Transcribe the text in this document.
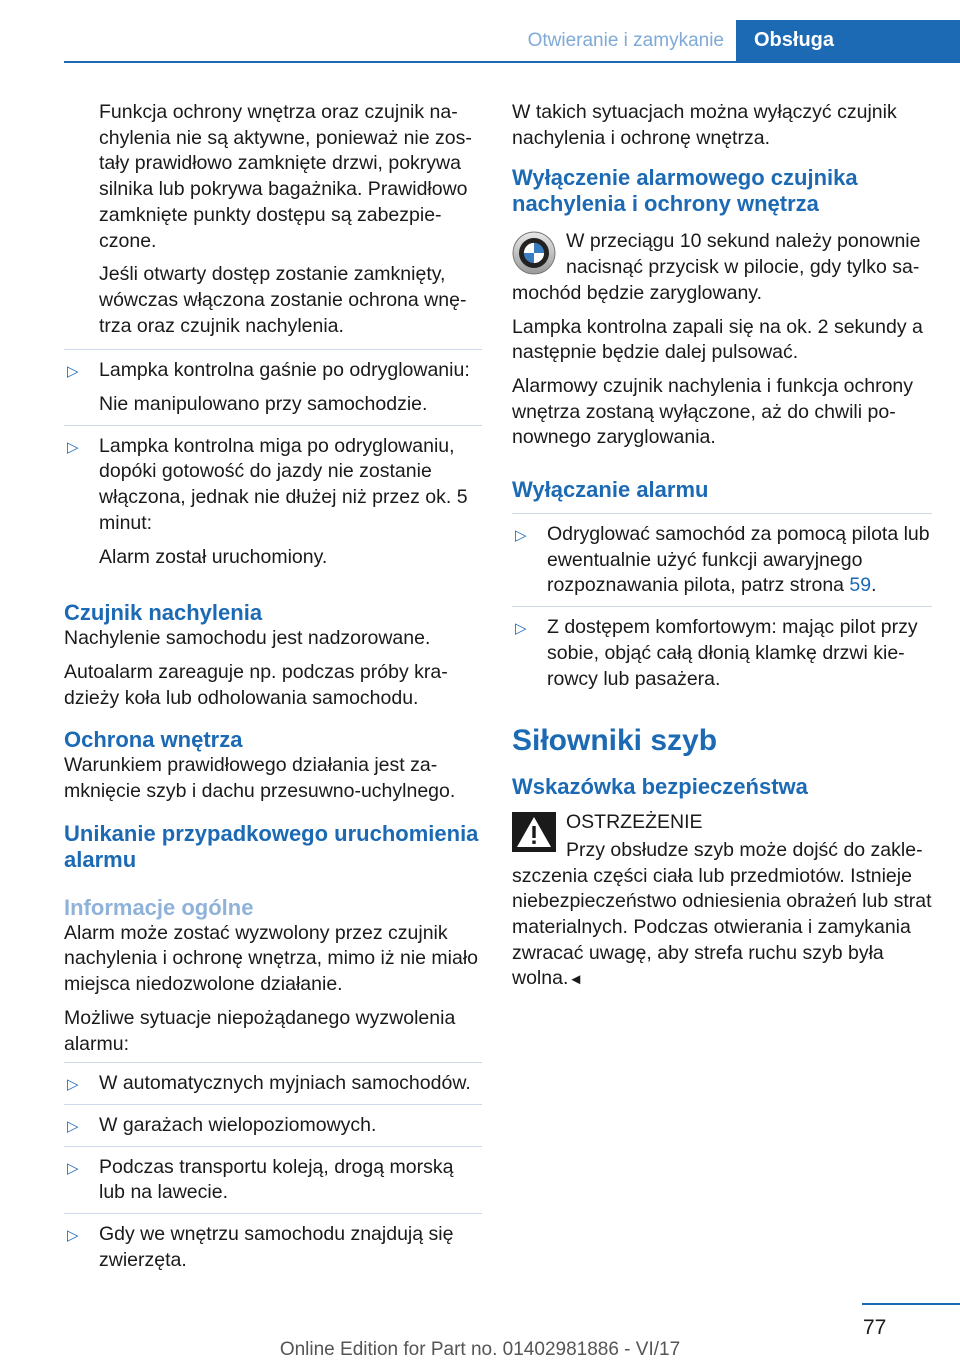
Otwieranie i zamykanie	Obsługa

Funkcja ochrony wnętrza oraz czujnik nachylenia nie są aktywne, ponieważ nie zostały prawidłowo zamknięte drzwi, pokrywa silnika lub pokrywa bagażnika. Prawidłowo zamknięte punkty dostępu są zabezpieczone.

Jeśli otwarty dostęp zostanie zamknięty, wówczas włączona zostanie ochrona wnętrza oraz czujnik nachylenia.

▷ Lampka kontrolna gaśnie po odryglowaniu:

Nie manipulowano przy samochodzie.

▷ Lampka kontrolna miga po odryglowaniu, dopóki gotowość do jazdy nie zostanie włączona, jednak nie dłużej niż przez ok. 5 minut:

Alarm został uruchomiony.

Czujnik nachylenia

Nachylenie samochodu jest nadzorowane.

Autoalarm zareaguje np. podczas próby kradzieży koła lub odholowania samochodu.

Ochrona wnętrza

Warunkiem prawidłowego działania jest zamknięcie szyb i dachu przesuwno-uchylnego.

Unikanie przypadkowego uruchomienia alarmu
Informacje ogólne

Alarm może zostać wyzwolony przez czujnik nachylenia i ochronę wnętrza, mimo iż nie miało miejsca niedozwolone działanie.

Możliwe sytuacje niepożądanego wyzwolenia alarmu:

▷ W automatycznych myjniach samochodów.

▷ W garażach wielopoziomowych.

▷ Podczas transportu koleją, drogą morską lub na lawecie.

▷ Gdy we wnętrzu samochodu znajdują się zwierzęta.

W takich sytuacjach można wyłączyć czujnik nachylenia i ochronę wnętrza.

Wyłączenie alarmowego czujnika nachylenia i ochrony wnętrza

W przeciągu 10 sekund należy ponownie nacisnąć przycisk w pilocie, gdy tylko samochód będzie zaryglowany.

Lampka kontrolna zapali się na ok. 2 sekundy a następnie będzie dalej pulsować.

Alarmowy czujnik nachylenia i funkcja ochrony wnętrza zostaną wyłączone, aż do chwili ponownego zaryglowania.

Wyłączanie alarmu
▷ Odryglować samochód za pomocą pilota lub ewentualnie użyć funkcji awaryjnego rozpoznawania pilota, patrz strona 59.

▷ Z dostępem komfortowym: mając pilot przy sobie, objąć całą dłonią klamkę drzwi kierowcy lub pasażera.

Siłowniki szyb
Wskazówka bezpieczeństwa

OSTRZEŻENIE

Przy obsłudze szyb może dojść do zakleszczenia części ciała lub przedmiotów. Istnieje niebezpieczeństwo odniesienia obrażeń lub strat materialnych. Podczas otwierania i zamykania zwracać uwagę, aby strefa ruchu szyb była wolna.◄

77
Online Edition for Part no. 01402981886 - VI/17
